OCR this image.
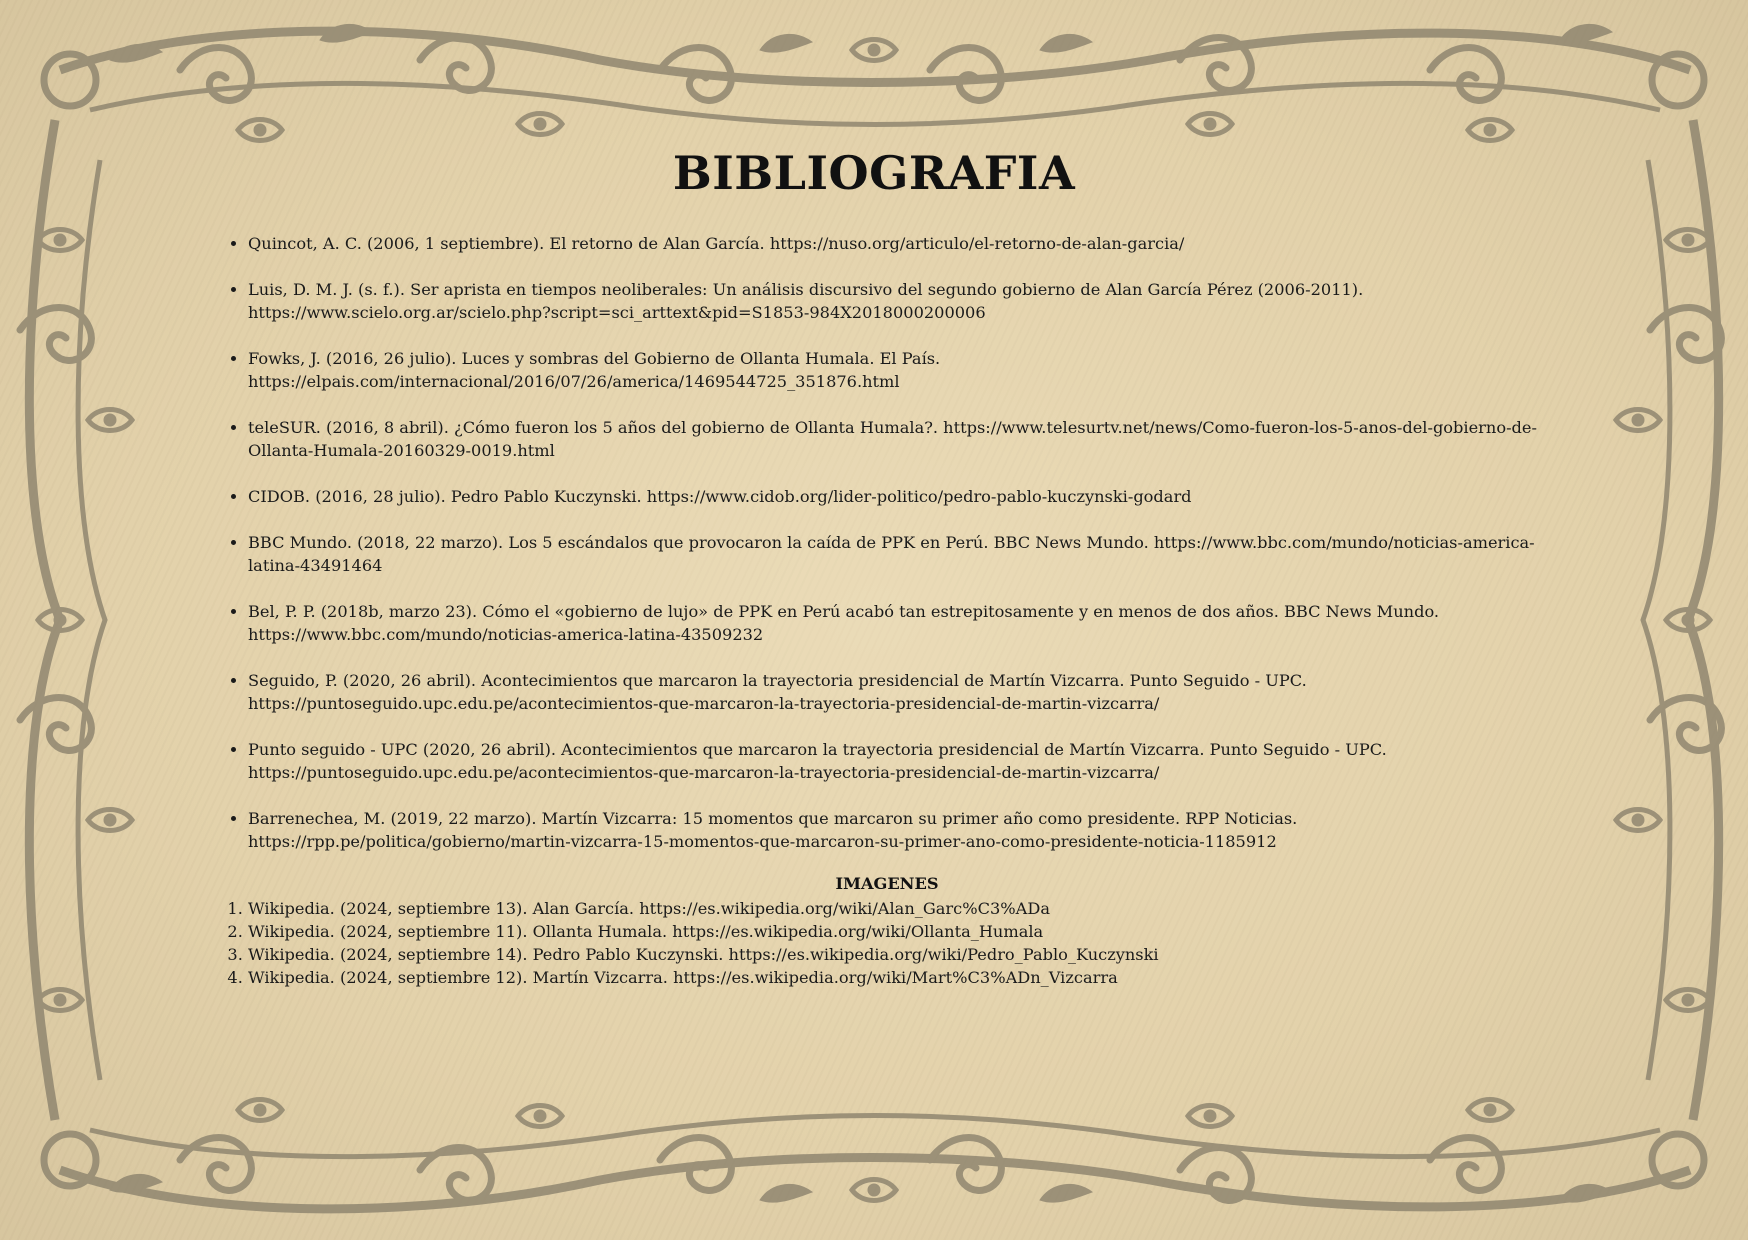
BIBLIOGRAFIA
• Quincot, A. C. (2006, 1 septiembre). El retorno de Alan García. https://nuso.org/articulo/el-retorno-de-alan-garcia/
• Luis, D. M. J. (s. f.). Ser aprista en tiempos neoliberales: Un análisis discursivo del segundo gobierno de Alan García Pérez (2006-2011). https://www.scielo.org.ar/scielo.php?script=sci_arttext&pid=S1853-984X2018000200006
• Fowks, J. (2016, 26 julio). Luces y sombras del Gobierno de Ollanta Humala. El País. https://elpais.com/internacional/2016/07/26/america/1469544725_351876.html
• teleSUR. (2016, 8 abril). ¿Cómo fueron los 5 años del gobierno de Ollanta Humala?. https://www.telesurtv.net/news/Como-fueron-los-5-anos-del-gobierno-de-Ollanta-Humala-20160329-0019.html
• CIDOB. (2016, 28 julio). Pedro Pablo Kuczynski. https://www.cidob.org/lider-politico/pedro-pablo-kuczynski-godard
• BBC Mundo. (2018, 22 marzo). Los 5 escándalos que provocaron la caída de PPK en Perú. BBC News Mundo. https://www.bbc.com/mundo/noticias-america-latina-43491464
• Bel, P. P. (2018b, marzo 23). Cómo el «gobierno de lujo» de PPK en Perú acabó tan estrepitosamente y en menos de dos años. BBC News Mundo. https://www.bbc.com/mundo/noticias-america-latina-43509232
• Seguido, P. (2020, 26 abril). Acontecimientos que marcaron la trayectoria presidencial de Martín Vizcarra. Punto Seguido - UPC. https://puntoseguido.upc.edu.pe/acontecimientos-que-marcaron-la-trayectoria-presidencial-de-martin-vizcarra/
• Punto seguido - UPC (2020, 26 abril). Acontecimientos que marcaron la trayectoria presidencial de Martín Vizcarra. Punto Seguido - UPC. https://puntoseguido.upc.edu.pe/acontecimientos-que-marcaron-la-trayectoria-presidencial-de-martin-vizcarra/
• Barrenechea, M. (2019, 22 marzo). Martín Vizcarra: 15 momentos que marcaron su primer año como presidente. RPP Noticias. https://rpp.pe/politica/gobierno/martin-vizcarra-15-momentos-que-marcaron-su-primer-ano-como-presidente-noticia-1185912
IMAGENES
1. Wikipedia. (2024, septiembre 13). Alan García. https://es.wikipedia.org/wiki/Alan_Garc%C3%ADa
2. Wikipedia. (2024, septiembre 11). Ollanta Humala. https://es.wikipedia.org/wiki/Ollanta_Humala
3. Wikipedia. (2024, septiembre 14). Pedro Pablo Kuczynski. https://es.wikipedia.org/wiki/Pedro_Pablo_Kuczynski
4. Wikipedia. (2024, septiembre 12). Martín Vizcarra. https://es.wikipedia.org/wiki/Mart%C3%ADn_Vizcarra
